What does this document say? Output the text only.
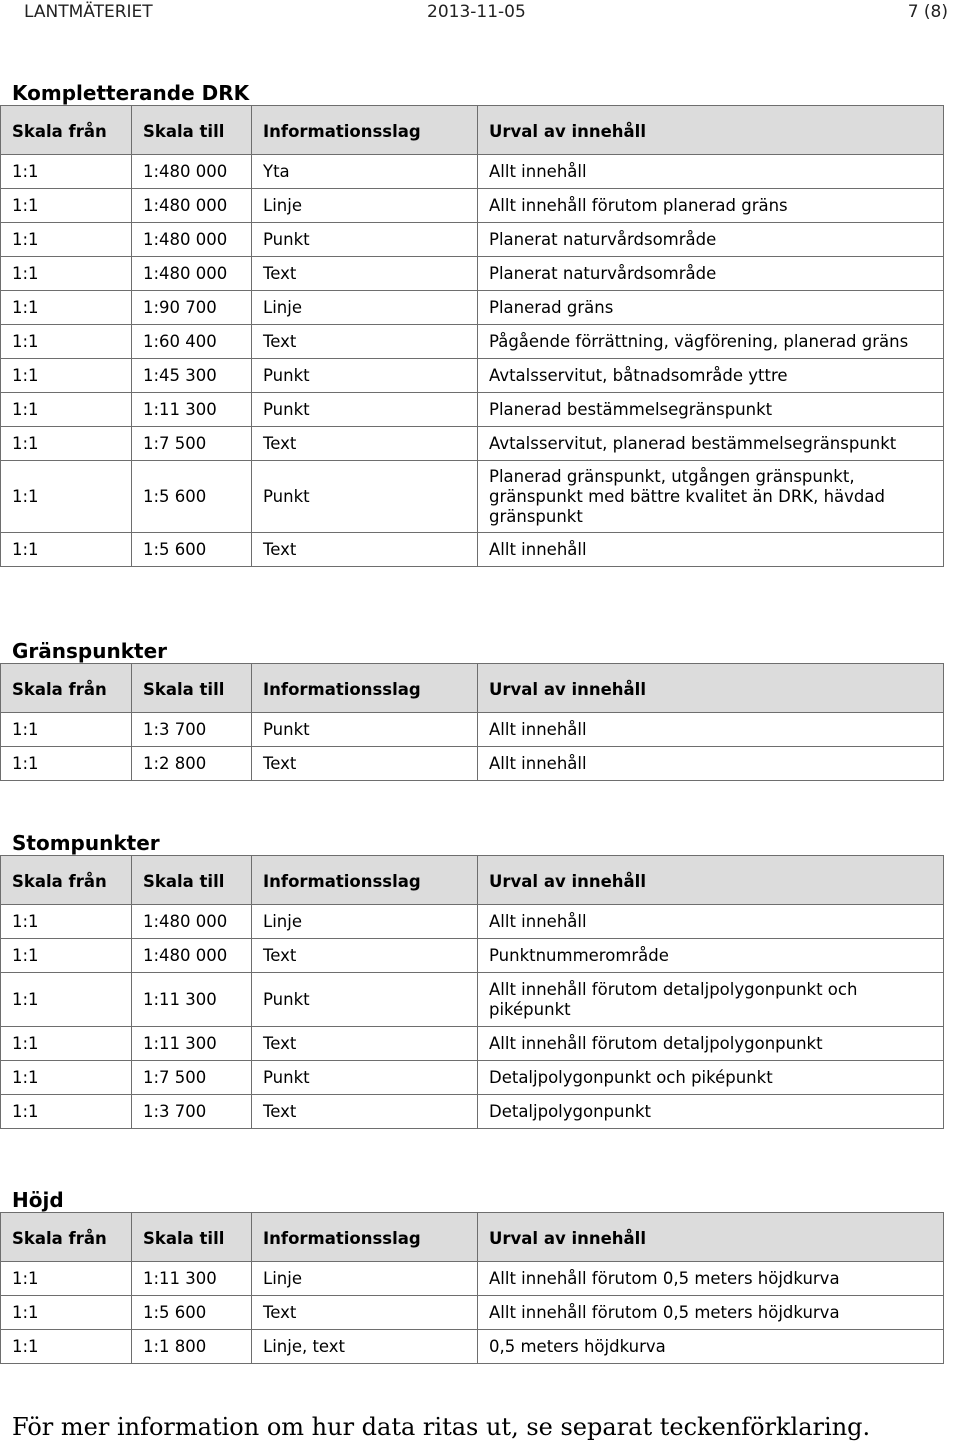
LANTMÄTERIET	2013-11-05	7 (8)
Kompletterande DRK
Skala från	Skala till	Informationsslag	Urval av innehåll
1:1	1:480 000	Yta	Allt innehåll
1:1	1:480 000	Linje	Allt innehåll förutom planerad gräns
1:1	1:480 000	Punkt	Planerat naturvårdsområde
1:1	1:480 000	Text	Planerat naturvårdsområde
1:1	1:90 700	Linje	Planerad gräns
1:1	1:60 400	Text	Pågående förrättning, vägförening, planerad gräns
1:1	1:45 300	Punkt	Avtalsservitut, båtnadsområde yttre
1:1	1:11 300	Punkt	Planerad bestämmelsegränspunkt
1:1	1:7 500	Text	Avtalsservitut, planerad bestämmelsegränspunkt
1:1	1:5 600	Punkt	Planerad gränspunkt, utgången gränspunkt, gränspunkt med bättre kvalitet än DRK, hävdad gränspunkt
1:1	1:5 600	Text	Allt innehåll
Gränspunkter
Skala från	Skala till	Informationsslag	Urval av innehåll
1:1	1:3 700	Punkt	Allt innehåll
1:1	1:2 800	Text	Allt innehåll
Stompunkter
Skala från	Skala till	Informationsslag	Urval av innehåll
1:1	1:480 000	Linje	Allt innehåll
1:1	1:480 000	Text	Punktnummerområde
1:1	1:11 300	Punkt	Allt innehåll förutom detaljpolygonpunkt och piképunkt
1:1	1:11 300	Text	Allt innehåll förutom detaljpolygonpunkt
1:1	1:7 500	Punkt	Detaljpolygonpunkt och piképunkt
1:1	1:3 700	Text	Detaljpolygonpunkt
Höjd
Skala från	Skala till	Informationsslag	Urval av innehåll
1:1	1:11 300	Linje	Allt innehåll förutom 0,5 meters höjdkurva
1:1	1:5 600	Text	Allt innehåll förutom 0,5 meters höjdkurva
1:1	1:1 800	Linje, text	0,5 meters höjdkurva
För mer information om hur data ritas ut, se separat teckenförklaring.
